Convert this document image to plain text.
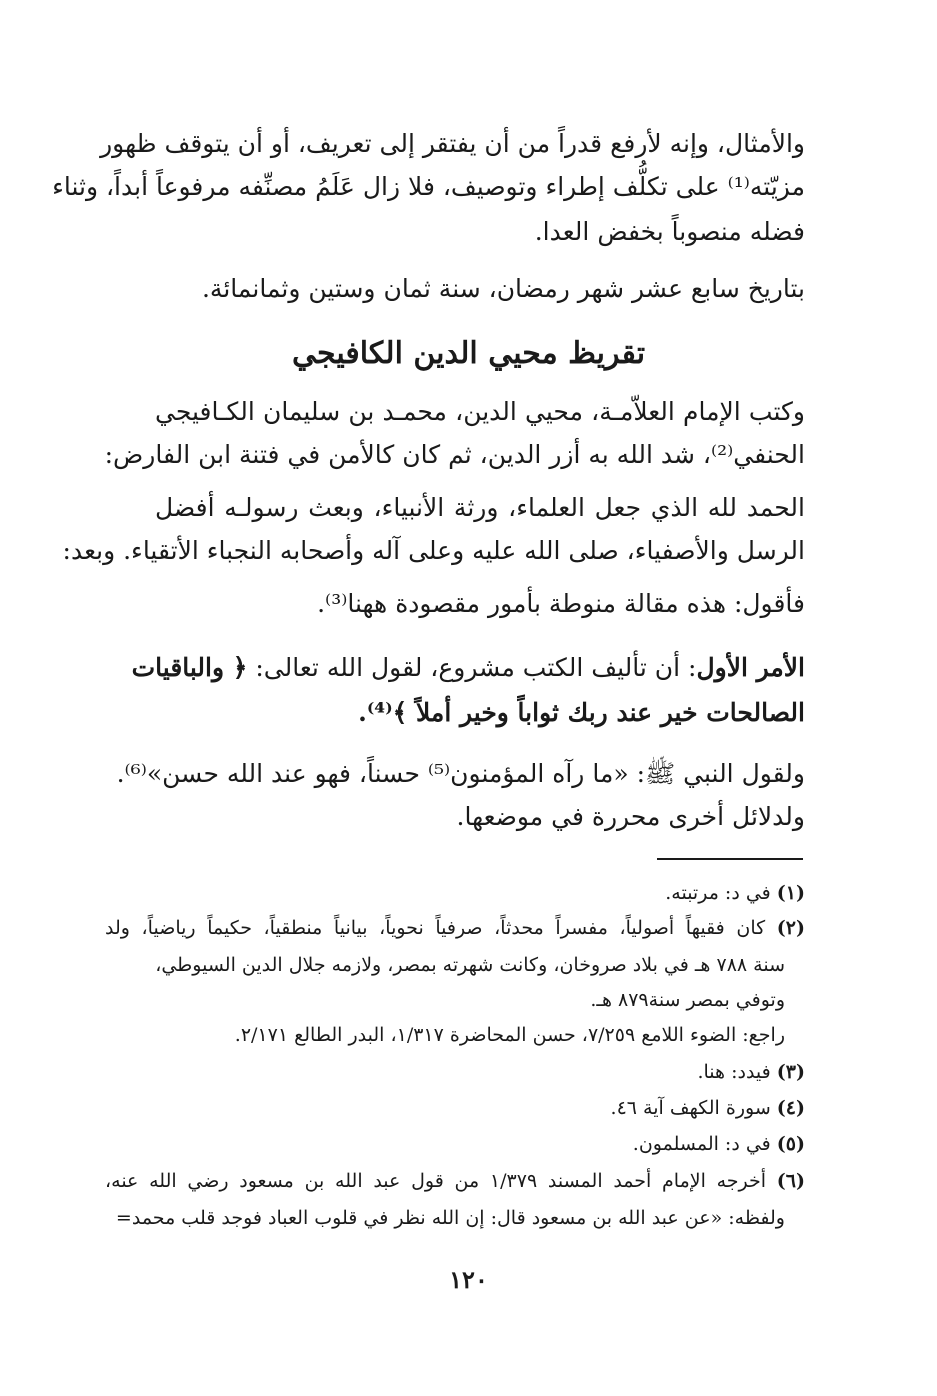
والأمثال، وإنه لأرفع قدراً من أن يفتقر إلى تعريف، أو أن يتوقف ظهور
مزيّته⁽¹⁾ على تكلُّف إطراء وتوصيف، فلا زال عَلَمُ مصنِّفه مرفوعاً أبداً، وثناء
فضله منصوباً بخفض العدا.
بتاريخ سابع عشر شهر رمضان، سنة ثمان وستين وثمانمائة.
تقريظ محيي الدين الكافيجي
وكتب الإمام العلاّمـة، محيي الدين، محمـد بن سليمان الكـافيجي
الحنفي⁽²⁾، شد الله به أزر الدين، ثم كان كالأمن في فتنة ابن الفارض:
الحمد لله الذي جعل العلماء، ورثة الأنبياء، وبعث رسولـه أفضل
الرسل والأصفياء، صلى الله عليه وعلى آله وأصحابه النجباء الأتقياء. وبعد:
فأقول: هذه مقالة منوطة بأمور مقصودة ههنا⁽³⁾.
الأمر الأول: أن تأليف الكتب مشروع، لقول الله تعالى: ﴿ والباقيات
الصالحات خير عند ربك ثواباً وخير أملاً ﴾⁽⁴⁾.
ولقول النبي ﷺ: «ما رآه المؤمنون⁽⁵⁾ حسناً، فهو عند الله حسن»⁽⁶⁾.
ولدلائل أخرى محررة في موضعها.
(١) في د: مرتبته.
(٢) كان فقيهاً أصولياً، مفسراً محدثاً، صرفياً نحوياً، بيانياً منطقياً، حكيماً رياضياً، ولد
سنة ٧٨٨ هـ في بلاد صروخان، وكانت شهرته بمصر، ولازمه جلال الدين السيوطي،
وتوفي بمصر سنة٨٧٩ هـ.
راجع: الضوء اللامع ٧/٢٥٩، حسن المحاضرة ١/٣١٧، البدر الطالع ٢/١٧١.
(٣) فيدد: هنا.
(٤) سورة الكهف آية ٤٦.
(٥) في د: المسلمون.
(٦) أخرجه الإمام أحمد المسند ١/٣٧٩ من قول عبد الله بن مسعود رضي الله عنه،
ولفظه: «عن عبد الله بن مسعود قال: إن الله نظر في قلوب العباد فوجد قلب محمد=
١٢٠
